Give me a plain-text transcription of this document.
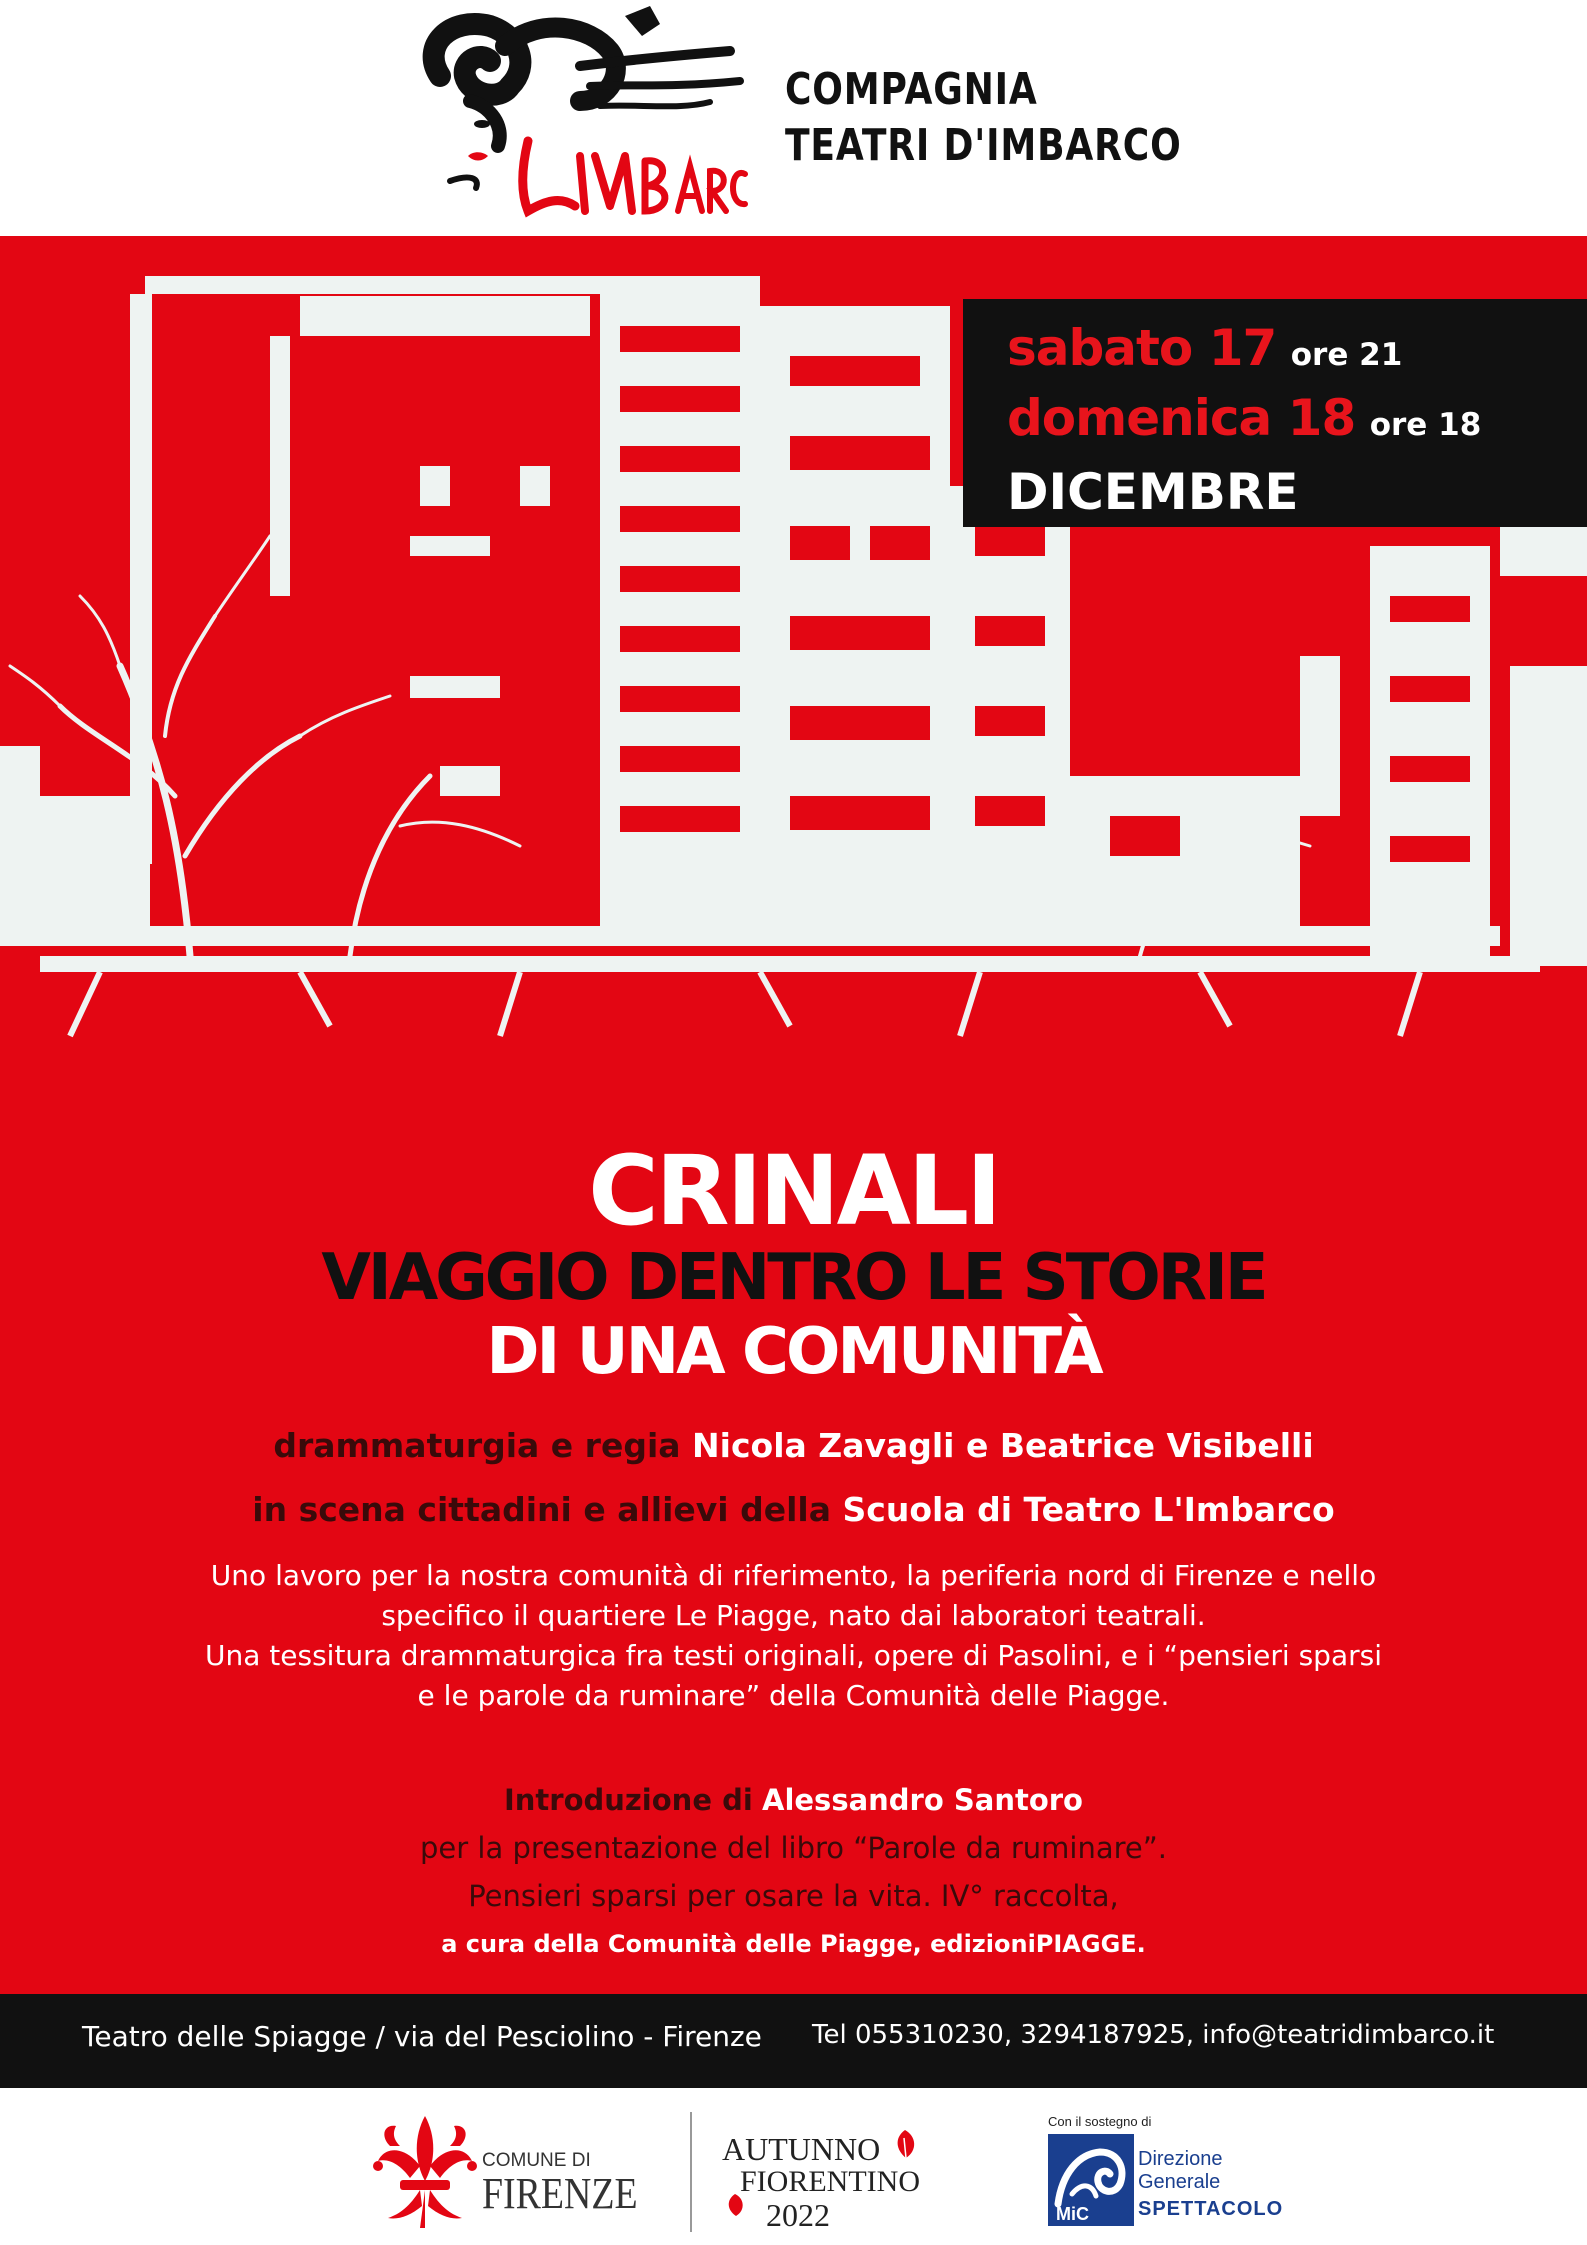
COMPAGNIA
TEATRI D'IMBARCO
sabato 17 ore 21
domenica 18 ore 18
DICEMBRE
CRINALI
VIAGGIO DENTRO LE STORIE
DI UNA COMUNITÀ
drammaturgia e regia Nicola Zavagli e Beatrice Visibelli
in scena cittadini e allievi della Scuola di Teatro L'Imbarco
Uno lavoro per la nostra comunità di riferimento, la periferia nord di Firenze e nello
specifico il quartiere Le Piagge, nato dai laboratori teatrali.
Una tessitura drammaturgica fra testi originali, opere di Pasolini, e i “pensieri sparsi
e le parole da ruminare” della Comunità delle Piagge.
Introduzione di Alessandro Santoro
per la presentazione del libro “Parole da ruminare”.
Pensieri sparsi per osare la vita. IV° raccolta,
a cura della Comunità delle Piagge, edizioniPIAGGE.
Teatro delle Spiagge / via del Pesciolino - Firenze Tel 055310230, 3294187925, info@teatridimbarco.it
COMUNE DI
FIRENZE
AUTUNNO
FIORENTINO
2022
Con il sostegno di
MiC
Direzione
Generale
SPETTACOLO
